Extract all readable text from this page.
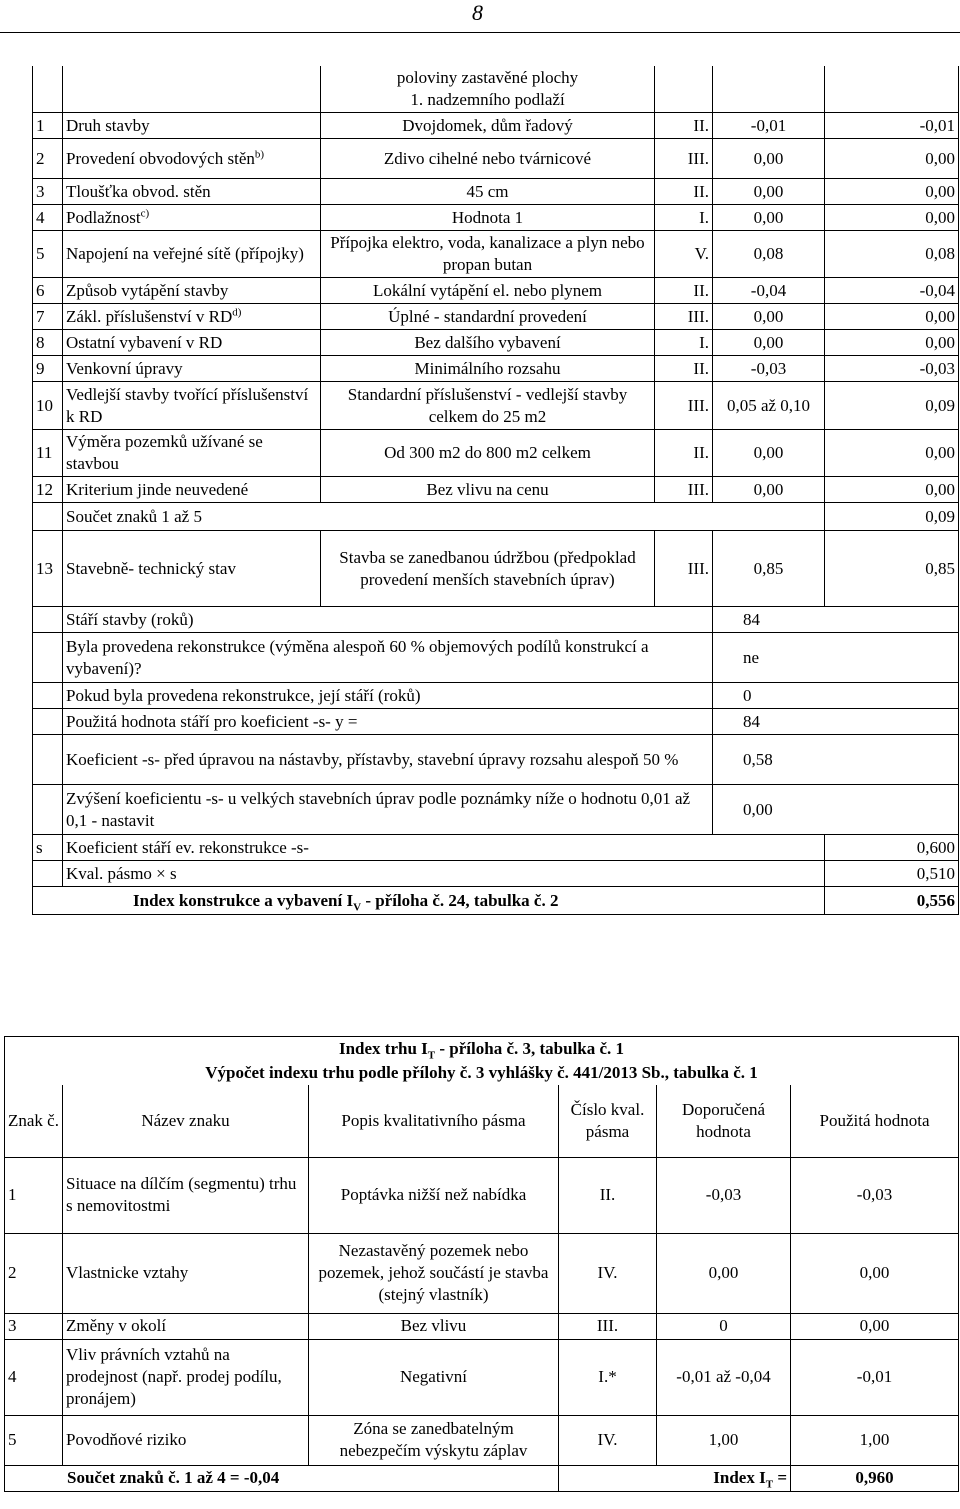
8

		poloviny zastavěné plochy
1. nadzemního podlaží			

1	Druh stavby	Dvojdomek, dům řadový	II.	-0,01	-0,01
2	Provedení obvodových stěn$^{b)}$	Zdivo cihelné nebo tvárnicové	III.	0,00	0,00
3	Tloušťka obvod. stěn	45 cm	II.	0,00	0,00
4	Podlažnost$^{c)}$	Hodnota 1	I.	0,00	0,00
5	Napojení na veřejné sítě (přípojky)	Přípojka elektro, voda, kanalizace a plyn nebo propan butan	V.	0,08	0,08
6	Způsob vytápění stavby	Lokální vytápění el. nebo plynem	II.	-0,04	-0,04
7	Zákl. příslušenství v RD$^{d)}$	Úplné - standardní provedení	III.	0,00	0,00
8	Ostatní vybavení v RD	Bez dalšího vybavení	I.	0,00	0,00
9	Venkovní úpravy	Minimálního rozsahu	II.	-0,03	-0,03
10	Vedlejší stavby tvořící příslušenství k RD	Standardní příslušenství - vedlejší stavby celkem do 25 m2	III.	0,05 až 0,10	0,09
11	Výměra pozemků užívané se stavbou	Od 300 m2 do 800 m2 celkem	II.	0,00	0,00
12	Kriterium jinde neuvedené	Bez vlivu na cenu	III.	0,00	0,00
	Součet znaků 1 až 5				0,09
13	Stavebně- technický stav	Stavba se zanedbanou údržbou (předpoklad provedení menších stavebních úprav)	III.	0,85	0,85
	Stáří stavby (roků)			84	
	Byla provedena rekonstrukce (výměna alespoň 60 % objemových podílů konstrukcí a vybavení)?			ne	
	Pokud byla provedena rekonstrukce, její stáří (roků)			0	
	Použitá hodnota stáří pro koeficient -s- y =			84	
	Koeficient -s- před úpravou na nástavby, přístavby, stavební úpravy rozsahu alespoň 50 %			0,58	
	Zvýšení koeficientu -s- u velkých stavebních úprav podle poznámky níže o hodnotu 0,01 až 0,1 - nastavit			0,00	
s	Koeficient stáří ev. rekonstrukce -s-				0,600
	Kval. pásmo × s				0,510
Index konstrukce a vybavení $I_V$ - příloha č. 24, tabulka č. 2					0,556
Index trhu $I_T$ - příloha č. 3, tabulka č. 1					
Výpočet indexu trhu podle přílohy č. 3 vyhlášky č. 441/2013 Sb., tabulka č. 1					
Znak č.	Název znaku	Popis kvalitativního pásma	Číslo kval. pásma	Doporučená hodnota	Použitá hodnota
1	Situace na dílčím (segmentu) trhu s nemovitostmi	Poptávka nižší než nabídka	II.	-0,03	-0,03
2	Vlastnicke vztahy	Nezastavěný pozemek nebo pozemek, jehož součástí je stavba (stejný vlastník)	IV.	0,00	0,00
3	Změny v okolí	Bez vlivu	III.	0	0,00
4	Vliv právních vztahů na prodejnost (např. prodej podílu, pronájem)	Negativní	I.*	-0,01 až -0,04	-0,01
5	Povodňové riziko	Zóna se zanedbatelným nebezpečím výskytu záplav	IV.	1,00	1,00
Součet znaků č. 1 až 4 = -0,04			Index $I_T$ =		0,960
